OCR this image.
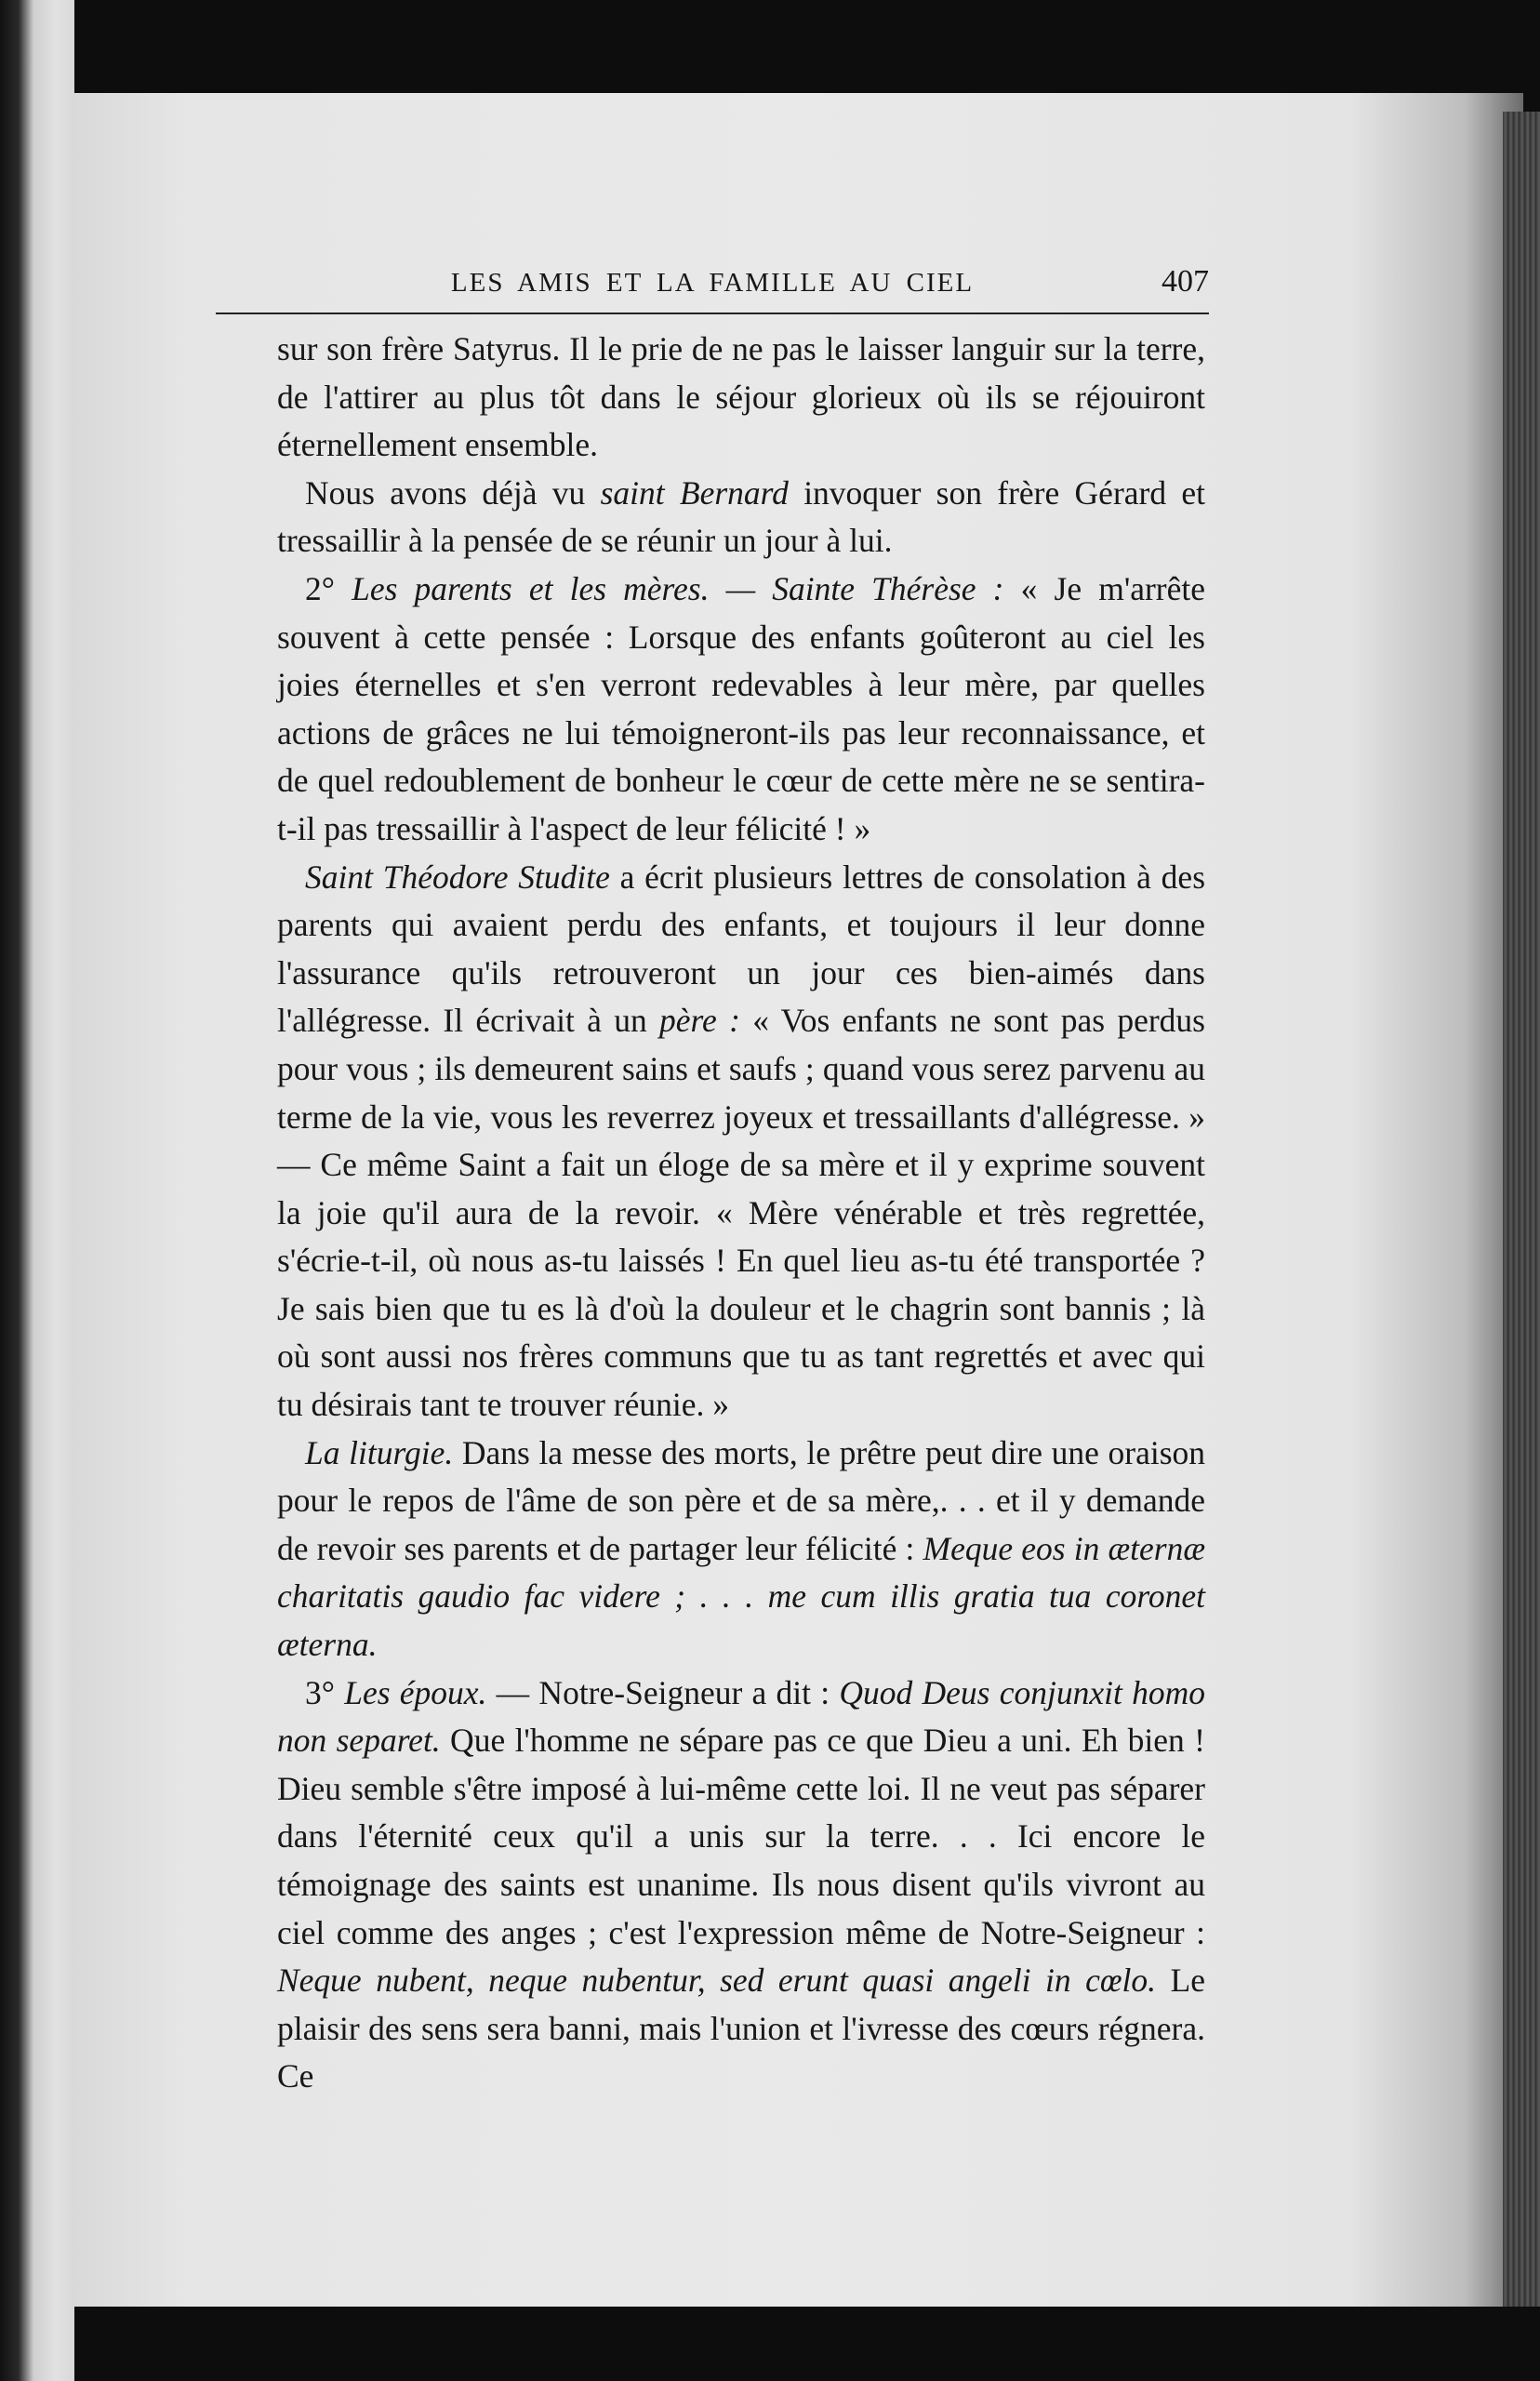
LES AMIS ET LA FAMILLE AU CIEL	407

sur son frère Satyrus. Il le prie de ne pas le laisser languir sur la terre, de l'attirer au plus tôt dans le séjour glorieux où ils se réjouiront éternellement ensemble.

Nous avons déjà vu saint Bernard invoquer son frère Gérard et tressaillir à la pensée de se réunir un jour à lui.

2° Les parents et les mères. — Sainte Thérèse : « Je m'arrête souvent à cette pensée : Lorsque des enfants goûteront au ciel les joies éternelles et s'en verront redevables à leur mère, par quelles actions de grâces ne lui témoigneront-ils pas leur reconnaissance, et de quel redoublement de bonheur le cœur de cette mère ne se sentira-t-il pas tressaillir à l'aspect de leur félicité ! »

Saint Théodore Studite a écrit plusieurs lettres de consolation à des parents qui avaient perdu des enfants, et toujours il leur donne l'assurance qu'ils retrouveront un jour ces bien-aimés dans l'allégresse. Il écrivait à un père : « Vos enfants ne sont pas perdus pour vous ; ils demeurent sains et saufs ; quand vous serez parvenu au terme de la vie, vous les reverrez joyeux et tressaillants d'allégresse. » — Ce même Saint a fait un éloge de sa mère et il y exprime souvent la joie qu'il aura de la revoir. « Mère vénérable et très regrettée, s'écrie-t-il, où nous as-tu laissés ! En quel lieu as-tu été transportée ? Je sais bien que tu es là d'où la douleur et le chagrin sont bannis ; là où sont aussi nos frères communs que tu as tant regrettés et avec qui tu désirais tant te trouver réunie. »

La liturgie. Dans la messe des morts, le prêtre peut dire une oraison pour le repos de l'âme de son père et de sa mère,. . . et il y demande de revoir ses parents et de partager leur félicité : Meque eos in æternæ charitatis gaudio fac videre ; . . . me cum illis gratia tua coronet æterna.

3° Les époux. — Notre-Seigneur a dit : Quod Deus conjunxit homo non separet. Que l'homme ne sépare pas ce que Dieu a uni. Eh bien ! Dieu semble s'être imposé à lui-même cette loi. Il ne veut pas séparer dans l'éternité ceux qu'il a unis sur la terre. . . Ici encore le témoignage des saints est unanime. Ils nous disent qu'ils vivront au ciel comme des anges ; c'est l'expression même de Notre-Seigneur : Neque nubent, neque nubentur, sed erunt quasi angeli in cœlo. Le plaisir des sens sera banni, mais l'union et l'ivresse des cœurs régnera. Ce
